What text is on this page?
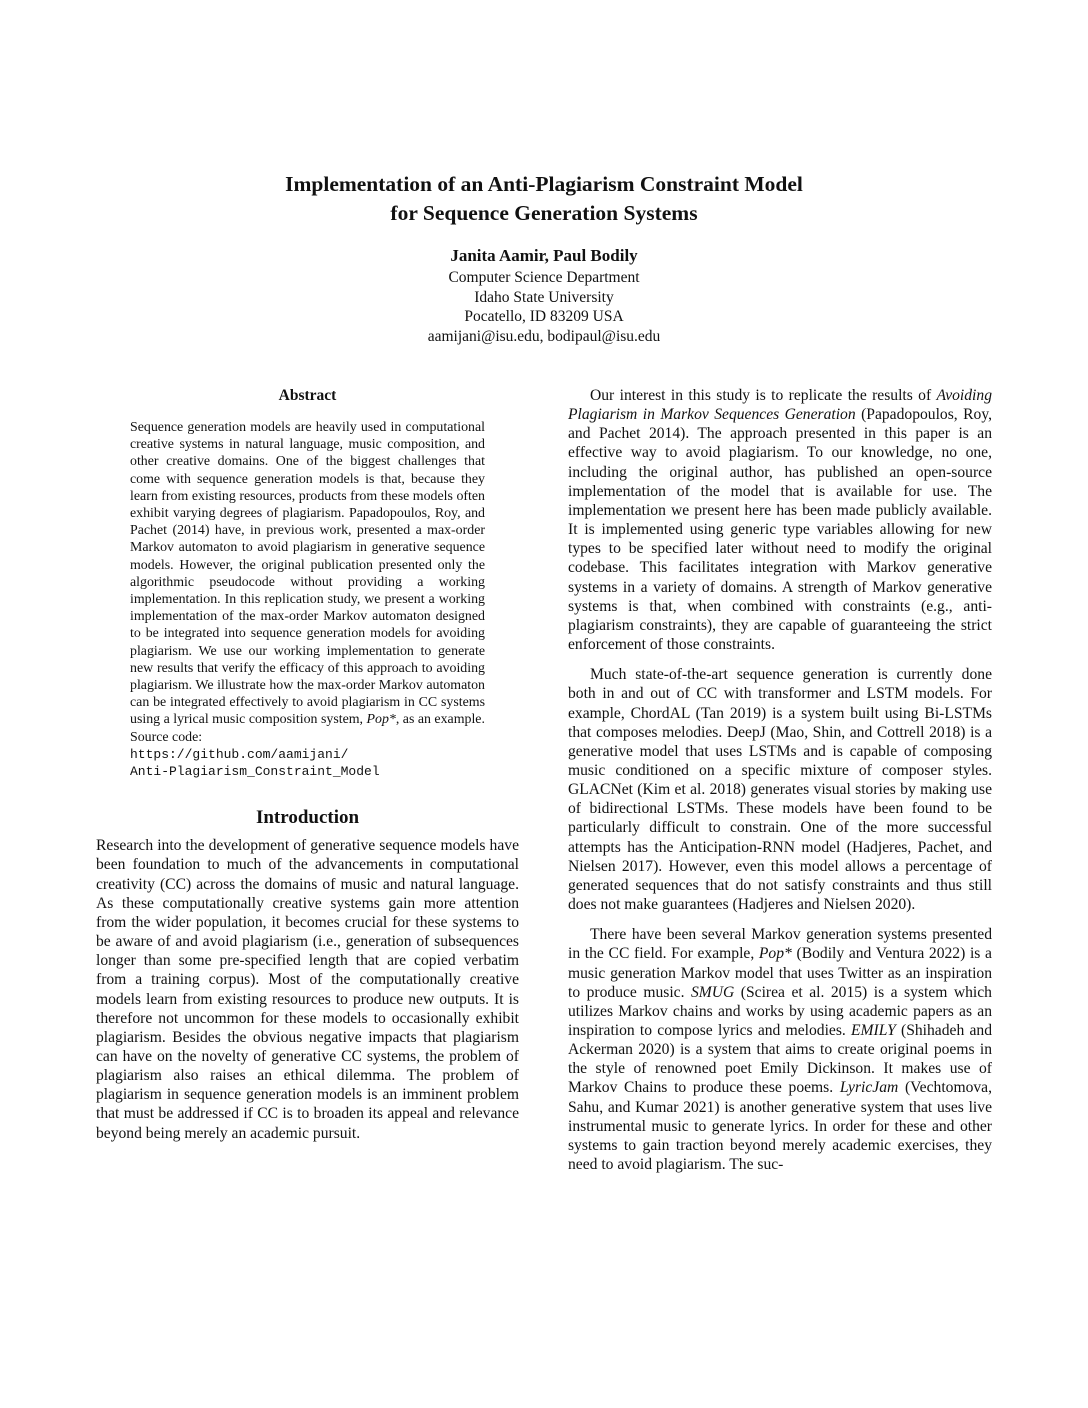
Implementation of an Anti-Plagiarism Constraint Model
for Sequence Generation Systems
Janita Aamir, Paul Bodily
Computer Science Department
Idaho State University
Pocatello, ID 83209 USA
aamijani@isu.edu, bodipaul@isu.edu
Abstract

Sequence generation models are heavily used in computational creative systems in natural language, music composition, and other creative domains. One of the biggest challenges that come with sequence generation models is that, because they learn from existing resources, products from these models often exhibit varying degrees of plagiarism. Papadopoulos, Roy, and Pachet (2014) have, in previous work, presented a max-order Markov automaton to avoid plagiarism in generative sequence models. However, the original publication presented only the algorithmic pseudocode without providing a working implementation. In this replication study, we present a working implementation of the max-order Markov automaton designed to be integrated into sequence generation models for avoiding plagiarism. We use our working implementation to generate new results that verify the efficacy of this approach to avoiding plagiarism. We illustrate how the max-order Markov automaton can be integrated effectively to avoid plagiarism in CC systems using a lyrical music composition system, Pop*, as an example.

Source code:

https://github.com/aamijani/
Anti-Plagiarism_Constraint_Model
Introduction

Research into the development of generative sequence models have been foundation to much of the advancements in computational creativity (CC) across the domains of music and natural language. As these computationally creative systems gain more attention from the wider population, it becomes crucial for these systems to be aware of and avoid plagiarism (i.e., generation of subsequences longer than some pre-specified length that are copied verbatim from a training corpus). Most of the computationally creative models learn from existing resources to produce new outputs. It is therefore not uncommon for these models to occasionally exhibit plagiarism. Besides the obvious negative impacts that plagiarism can have on the novelty of generative CC systems, the problem of plagiarism also raises an ethical dilemma. The problem of plagiarism in sequence generation models is an imminent problem that must be addressed if CC is to broaden its appeal and relevance beyond being merely an academic pursuit.

Our interest in this study is to replicate the results of Avoiding Plagiarism in Markov Sequences Generation (Papadopoulos, Roy, and Pachet 2014). The approach presented in this paper is an effective way to avoid plagiarism. To our knowledge, no one, including the original author, has published an open-source implementation of the model that is available for use. The implementation we present here has been made publicly available. It is implemented using generic type variables allowing for new types to be specified later without need to modify the original codebase. This facilitates integration with Markov generative systems in a variety of domains. A strength of Markov generative systems is that, when combined with constraints (e.g., anti-plagiarism constraints), they are capable of guaranteeing the strict enforcement of those constraints.

Much state-of-the-art sequence generation is currently done both in and out of CC with transformer and LSTM models. For example, ChordAL (Tan 2019) is a system built using Bi-LSTMs that composes melodies. DeepJ (Mao, Shin, and Cottrell 2018) is a generative model that uses LSTMs and is capable of composing music conditioned on a specific mixture of composer styles. GLACNet (Kim et al. 2018) generates visual stories by making use of bidirectional LSTMs. These models have been found to be particularly difficult to constrain. One of the more successful attempts has the Anticipation-RNN model (Hadjeres, Pachet, and Nielsen 2017). However, even this model allows a percentage of generated sequences that do not satisfy constraints and thus still does not make guarantees (Hadjeres and Nielsen 2020).

There have been several Markov generation systems presented in the CC field. For example, Pop* (Bodily and Ventura 2022) is a music generation Markov model that uses Twitter as an inspiration to produce music. SMUG (Scirea et al. 2015) is a system which utilizes Markov chains and works by using academic papers as an inspiration to compose lyrics and melodies. EMILY (Shihadeh and Ackerman 2020) is a system that aims to create original poems in the style of renowned poet Emily Dickinson. It makes use of Markov Chains to produce these poems. LyricJam (Vechtomova, Sahu, and Kumar 2021) is another generative system that uses live instrumental music to generate lyrics. In order for these and other systems to gain traction beyond merely academic exercises, they need to avoid plagiarism. The suc-
